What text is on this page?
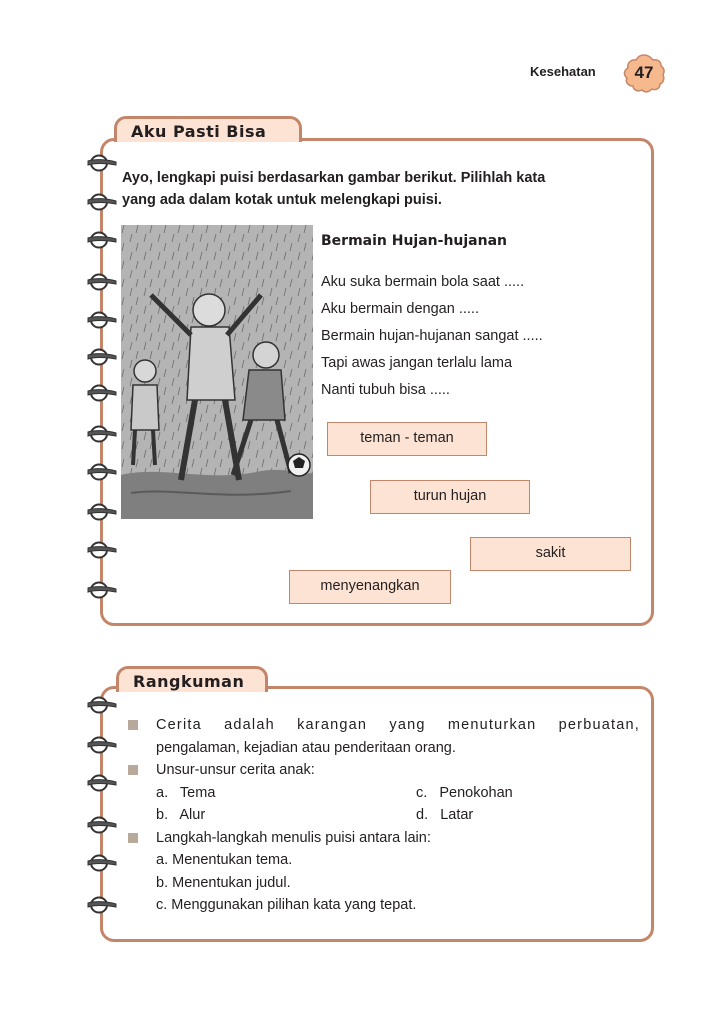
Kesehatan	47
Aku Pasti Bisa
Ayo, lengkapi puisi berdasarkan gambar berikut. Pilihlah kata
yang ada dalam kotak untuk melengkapi puisi.
Bermain Hujan-hujanan
Aku suka bermain bola saat .....
Aku bermain dengan .....
Bermain hujan-hujanan sangat .....
Tapi awas jangan terlalu lama
Nanti tubuh bisa .....
teman - teman
turun hujan
sakit
menyenangkan
Rangkuman
Cerita adalah karangan yang menuturkan perbuatan,
pengalaman, kejadian atau penderitaan orang.
Unsur-unsur cerita anak:
a. Tema	c. Penokohan
b. Alur	d. Latar
Langkah-langkah menulis puisi antara lain:
a. Menentukan tema.
b. Menentukan judul.
c. Menggunakan pilihan kata yang tepat.
